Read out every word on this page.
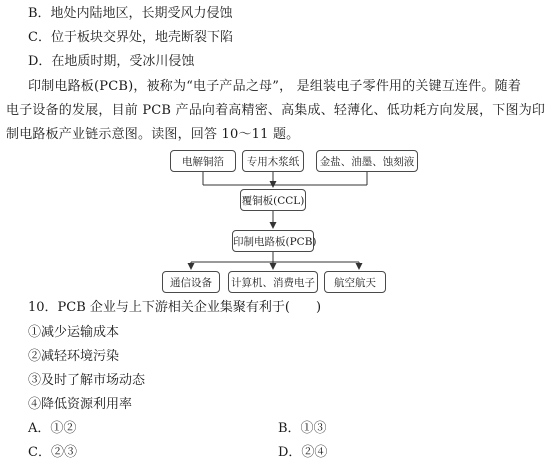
B．地处内陆地区，长期受风力侵蚀
C．位于板块交界处，地壳断裂下陷
D．在地质时期，受冰川侵蚀
印制电路板(PCB)，被称为“电子产品之母”， 是组装电子零件用的关键互连件。随着
电子设备的发展，目前 PCB 产品向着高精密、高集成、轻薄化、低功耗方向发展，下图为印
制电路板产业链示意图。读图，回答 10～11 题。
电解铜箔	专用木浆纸	金盐、油墨、蚀刻液
覆铜板(CCL)
印制电路板(PCB)
通信设备	计算机、消费电子	航空航天
10．PCB 企业与上下游相关企业集聚有利于(　　)
①减少运输成本
②减轻环境污染
③及时了解市场动态
④降低资源利用率
A．①②	B．①③
C．②③	D．②④
